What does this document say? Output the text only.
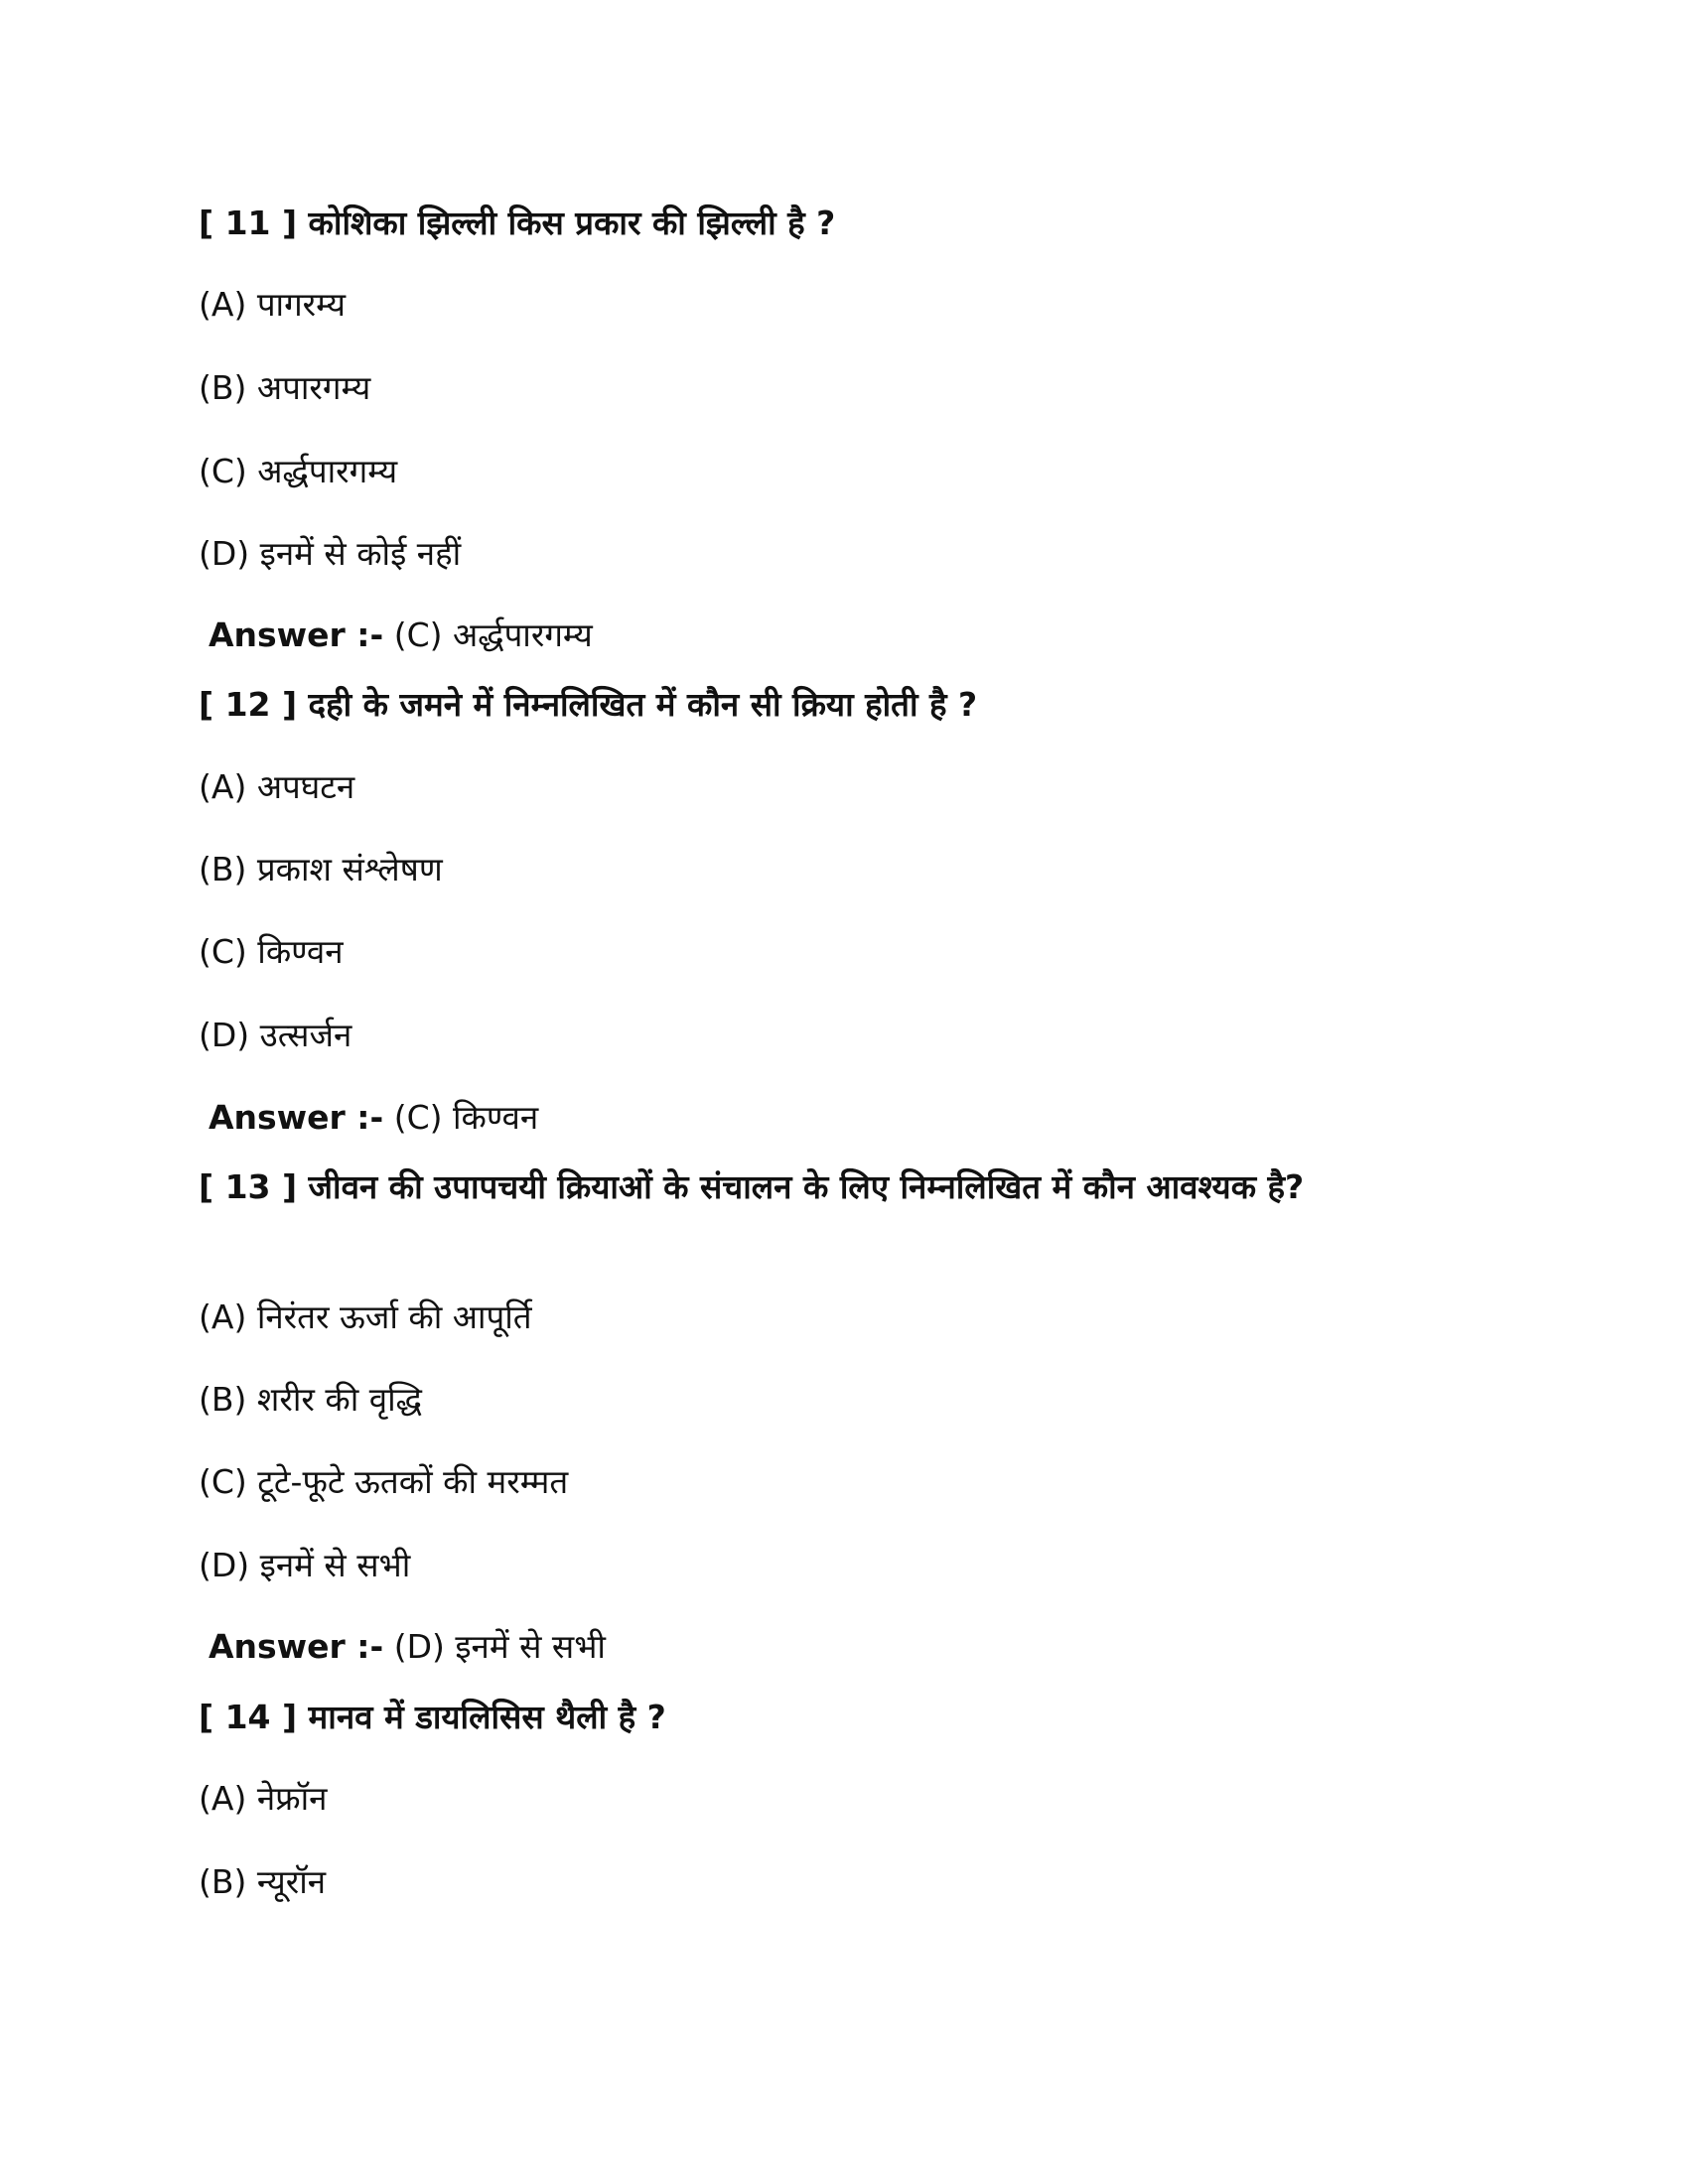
[ 11 ] कोशिका झिल्ली किस प्रकार की झिल्ली है ?
(A) पागरम्य
(B) अपारगम्य
(C) अर्द्धपारगम्य
(D) इनमें से कोई नहीं
Answer :- (C) अर्द्धपारगम्य
[ 12 ] दही के जमने में निम्नलिखित में कौन सी क्रिया होती है ?
(A) अपघटन
(B) प्रकाश संश्लेषण
(C) किण्वन
(D) उत्सर्जन
Answer :- (C) किण्वन
[ 13 ] जीवन की उपापचयी क्रियाओं के संचालन के लिए निम्नलिखित में कौन आवश्यक है?
(A) निरंतर ऊर्जा की आपूर्ति
(B) शरीर की वृद्धि
(C) टूटे-फूटे ऊतकों की मरम्मत
(D) इनमें से सभी
Answer :- (D) इनमें से सभी
[ 14 ] मानव में डायलिसिस थैली है ?
(A) नेफ्रॉन
(B) न्यूरॉन
